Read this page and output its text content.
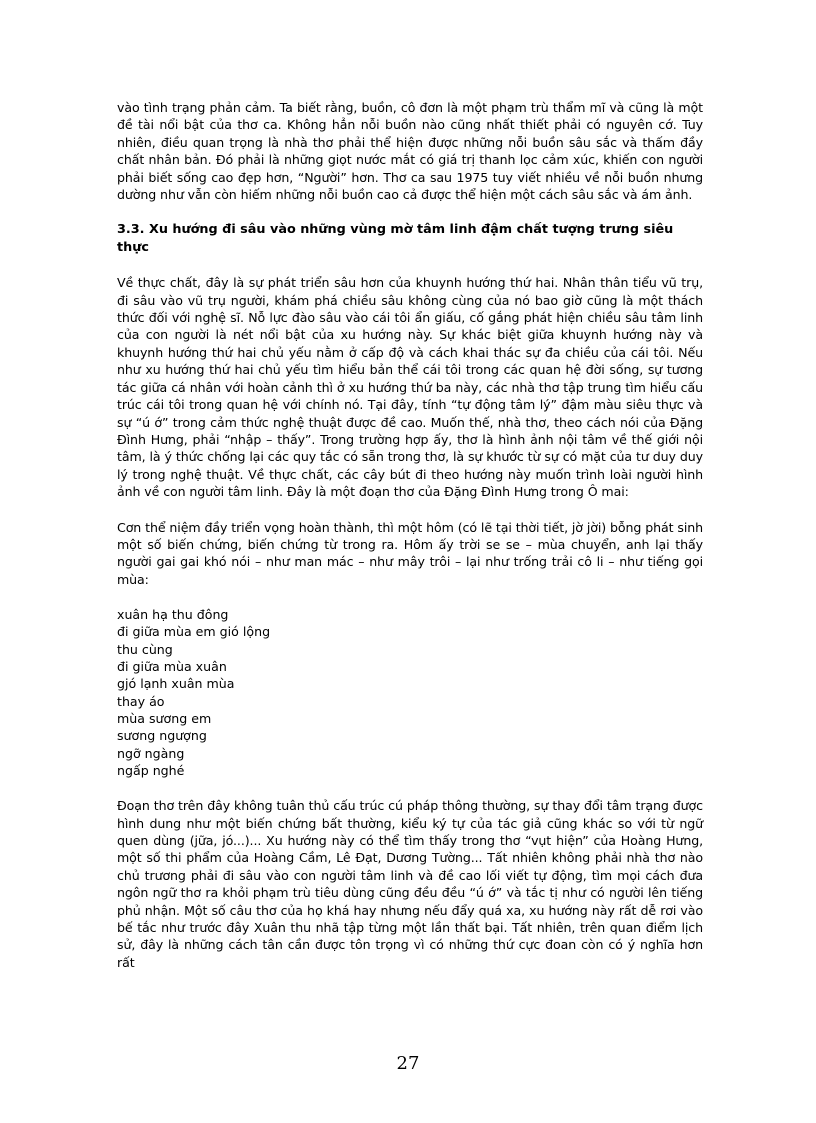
vào tình trạng phản cảm. Ta biết rằng, buồn, cô đơn là một phạm trù thẩm mĩ và cũng là một đề tài nổi bật của thơ ca. Không hẳn nỗi buồn nào cũng nhất thiết phải có nguyên cớ. Tuy nhiên, điều quan trọng là nhà thơ phải thể hiện được những nỗi buồn sâu sắc và thấm đầy chất nhân bản. Đó phải là những giọt nước mắt có giá trị thanh lọc cảm xúc, khiến con người phải biết sống cao đẹp hơn, “Người” hơn. Thơ ca sau 1975 tuy viết nhiều về nỗi buồn nhưng dường như vẫn còn hiếm những nỗi buồn cao cả được thể hiện một cách sâu sắc và ám ảnh.

3.3. Xu hướng đi sâu vào những vùng mờ tâm linh đậm chất tượng trưng siêu thực

Về thực chất, đây là sự phát triển sâu hơn của khuynh hướng thứ hai. Nhân thân tiểu vũ trụ, đi sâu vào vũ trụ người, khám phá chiều sâu không cùng của nó bao giờ cũng là một thách thức đối với nghệ sĩ. Nỗ lực đào sâu vào cái tôi ẩn giấu, cố gắng phát hiện chiều sâu tâm linh của con người là nét nổi bật của xu hướng này. Sự khác biệt giữa khuynh hướng này và khuynh hướng thứ hai chủ yếu nằm ở cấp độ và cách khai thác sự đa chiều của cái tôi. Nếu như xu hướng thứ hai chủ yếu tìm hiểu bản thể cái tôi trong các quan hệ đời sống, sự tương tác giữa cá nhân với hoàn cảnh thì ở xu hướng thứ ba này, các nhà thơ tập trung tìm hiểu cấu trúc cái tôi trong quan hệ với chính nó. Tại đây, tính “tự động tâm lý” đậm màu siêu thực và sự “ú ớ” trong cảm thức nghệ thuật được đề cao. Muốn thế, nhà thơ, theo cách nói của Đặng Đình Hưng, phải “nhập – thấy”. Trong trường hợp ấy, thơ là hình ảnh nội tâm về thế giới nội tâm, là ý thức chống lại các quy tắc có sẵn trong thơ, là sự khước từ sự có mặt của tư duy duy lý trong nghệ thuật. Về thực chất, các cây bút đi theo hướng này muốn trình loài người hình ảnh về con người tâm linh. Đây là một đoạn thơ của Đặng Đình Hưng trong Ô mai:

Cơn thể niệm đầy triển vọng hoàn thành, thì một hôm (có lẽ tại thời tiết, jờ jời) bỗng phát sinh một số biến chứng, biến chứng từ trong ra. Hôm ấy trời se se – mùa chuyển, anh lại thấy người gai gai khó nói – như man mác – như mây trôi – lại như trống trải cô li – như tiếng gọi mùa:

xuân hạ thu đông
đi giữa mùa em gió lộng
thu cùng
đi giữa mùa xuân
gjó lạnh xuân mùa
thay áo
mùa sương em
sương ngượng
ngỡ ngàng
ngấp nghé

Đoạn thơ trên đây không tuân thủ cấu trúc cú pháp thông thường, sự thay đổi tâm trạng được hình dung như một biến chứng bất thường, kiểu ký tự của tác giả cũng khác so với từ ngữ quen dùng (jữa, jó...)... Xu hướng này có thể tìm thấy trong thơ “vụt hiện” của Hoàng Hưng, một số thi phẩm của Hoàng Cầm, Lê Đạt, Dương Tường... Tất nhiên không phải nhà thơ nào chủ trương phải đi sâu vào con người tâm linh và đề cao lối viết tự động, tìm mọi cách đưa ngôn ngữ thơ ra khỏi phạm trù tiêu dùng cũng đều đều “ú ớ” và tắc tị như có người lên tiếng phủ nhận. Một số câu thơ của họ khá hay nhưng nếu đẩy quá xa, xu hướng này rất dễ rơi vào bế tắc như trước đây Xuân thu nhã tập từng một lần thất bại. Tất nhiên, trên quan điểm lịch sử, đây là những cách tân cần được tôn trọng vì có những thứ cực đoan còn có ý nghĩa hơn rất

27
